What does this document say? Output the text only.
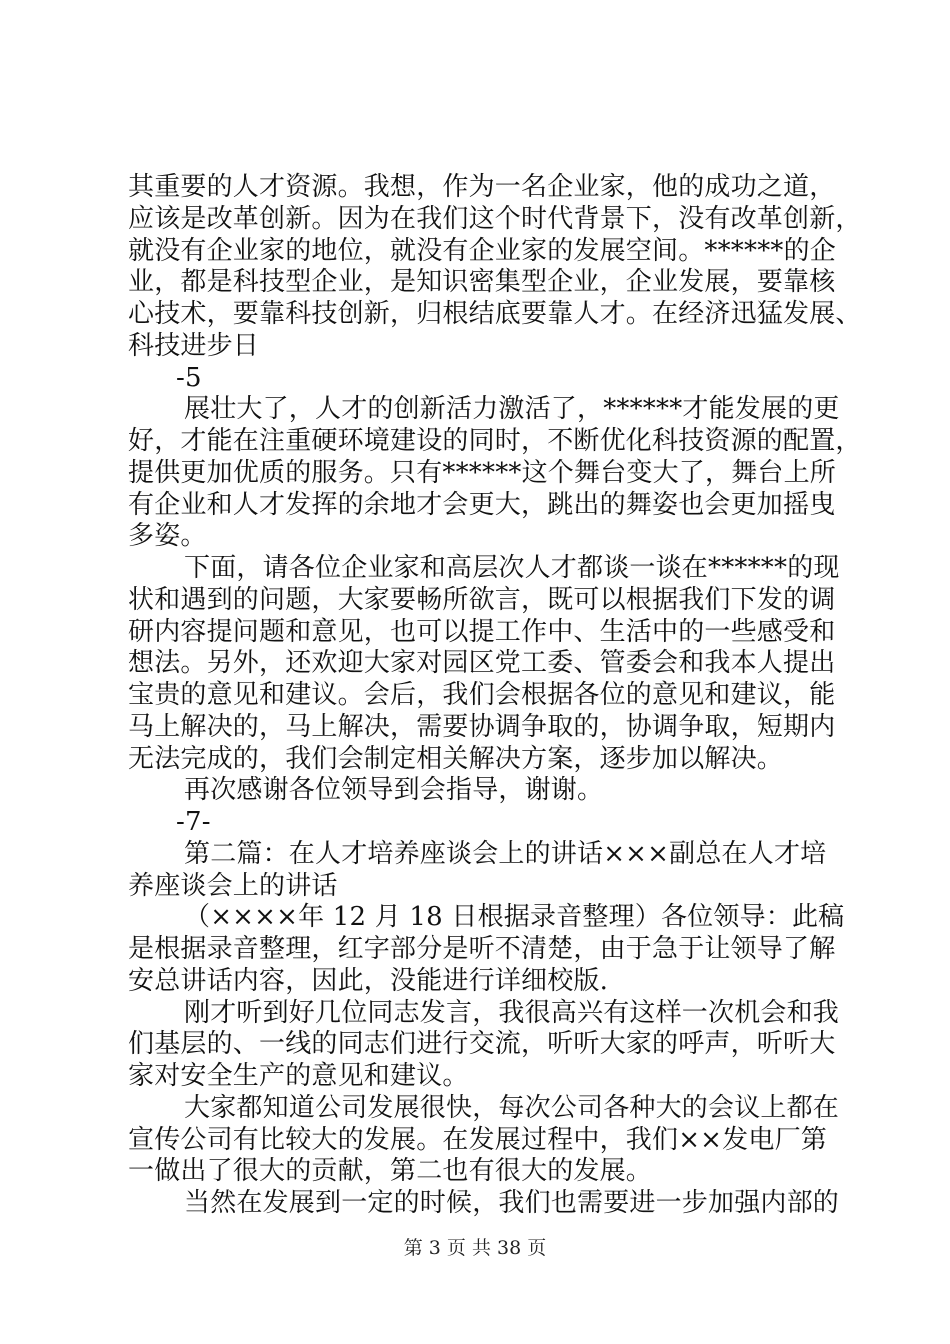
其重要的人才资源。我想，作为一名企业家，他的成功之道，
应该是改革创新。因为在我们这个时代背景下，没有改革创新，
就没有企业家的地位，就没有企业家的发展空间。******的企
业，都是科技型企业，是知识密集型企业，企业发展，要靠核
心技术，要靠科技创新，归根结底要靠人才。在经济迅猛发展、
科技进步日
-5
展壮大了，人才的创新活力激活了，******才能发展的更
好，才能在注重硬环境建设的同时，不断优化科技资源的配置，
提供更加优质的服务。只有******这个舞台变大了，舞台上所
有企业和人才发挥的余地才会更大，跳出的舞姿也会更加摇曳
多姿。
下面，请各位企业家和高层次人才都谈一谈在******的现
状和遇到的问题，大家要畅所欲言，既可以根据我们下发的调
研内容提问题和意见，也可以提工作中、生活中的一些感受和
想法。另外，还欢迎大家对园区党工委、管委会和我本人提出
宝贵的意见和建议。会后，我们会根据各位的意见和建议，能
马上解决的，马上解决，需要协调争取的，协调争取，短期内
无法完成的，我们会制定相关解决方案，逐步加以解决。
再次感谢各位领导到会指导，谢谢。
-7-
第二篇：在人才培养座谈会上的讲话×××副总在人才培
养座谈会上的讲话
（××××年 12 月 18 日根据录音整理）各位领导：此稿
是根据录音整理，红字部分是听不清楚，由于急于让领导了解
安总讲话内容，因此，没能进行详细校版.
刚才听到好几位同志发言，我很高兴有这样一次机会和我
们基层的、一线的同志们进行交流，听听大家的呼声，听听大
家对安全生产的意见和建议。
大家都知道公司发展很快，每次公司各种大的会议上都在
宣传公司有比较大的发展。在发展过程中，我们××发电厂第
一做出了很大的贡献，第二也有很大的发展。
当然在发展到一定的时候，我们也需要进一步加强内部的
第 3 页 共 38 页
